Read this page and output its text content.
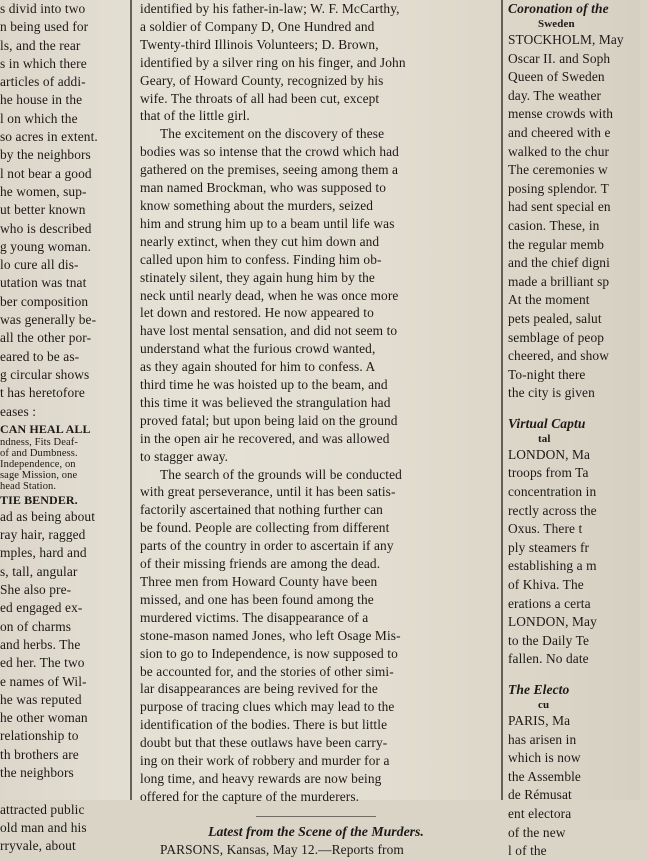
s divid into two
n being used for
ls, and the rear
s in which there
articles of addi-
he house in the
l on which the
so acres in extent.
by the neighbors
l not bear a good
he women, sup-
ut better known
who is described
g young woman.
lo cure all dis-
utation was tnat
ber composition
was generally be-
all the other por-
eared to be as-
g circular shows
t has heretofore
eases :
CAN HEAL ALL
ndness, Fits Deaf-
of and Dumbness.
Independence, on
sage Mission, one
head Station.
TIE BENDER.
ad as being about
ray hair, ragged
mples, hard and
s, tall, angular
She also pre-
ed engaged ex-
on of charms
and herbs. The
ed her. The two
e names of Wil-
he was reputed
he other woman
relationship to
th brothers are
the neighbors

attracted public
old man and his
rryvale, about
identified by his father-in-law; W. F. McCarthy,
a soldier of Company D, One Hundred and
Twenty-third Illinois Volunteers; D. Brown,
identified by a silver ring on his finger, and John
Geary, of Howard County, recognized by his
wife. The throats of all had been cut, except
that of the little girl.
The excitement on the discovery of these
bodies was so intense that the crowd which had
gathered on the premises, seeing among them a
man named Brockman, who was supposed to
know something about the murders, seized
him and strung him up to a beam until life was
nearly extinct, when they cut him down and
called upon him to confess. Finding him ob-
stinately silent, they again hung him by the
neck until nearly dead, when he was once more
let down and restored. He now appeared to
have lost mental sensation, and did not seem to
understand what the furious crowd wanted,
as they again shouted for him to confess. A
third time he was hoisted up to the beam, and
this time it was believed the strangulation had
proved fatal; but upon being laid on the ground
in the open air he recovered, and was allowed
to stagger away.
The search of the grounds will be conducted
with great perseverance, until it has been satis-
factorily ascertained that nothing further can
be found. People are collecting from different
parts of the country in order to ascertain if any
of their missing friends are among the dead.
Three men from Howard County have been
missed, and one has been found among the
murdered victims. The disappearance of a
stone-mason named Jones, who left Osage Mis-
sion to go to Independence, is now supposed to
be accounted for, and the stories of other simi-
lar disappearances are being revived for the
purpose of tracing clues which may lead to the
identification of the bodies. There is but little
doubt but that these outlaws have been carry-
ing on their work of robbery and murder for a
long time, and heavy rewards are now being
offered for the capture of the murderers.
Latest from the Scene of the Murders.
PARSONS, Kansas, May 12.—Reports from
Coronation of the
Sweden
STOCKHOLM, May
Oscar II. and Soph
Queen of Sweden
day. The weather
mense crowds with
and cheered with e
walked to the chur
The ceremonies w
posing splendor. T
had sent special en
casion. These, in
the regular memb
and the chief digni
made a brilliant sp
At the moment
pets pealed, salut
semblage of peop
cheered, and show
To-night there
the city is given

Virtual Captu
tal
LONDON, Ma
troops from Ta
concentration in
rectly across the
Oxus. There t
ply steamers fr
establishing a m
of Khiva. The
erations a certa
LONDON, May
to the Daily Te
fallen. No date

The Electo
cu
PARIS, Ma
has arisen in
which is now
the Assemble
de Rémusat
ent electora
of the new
l of the
